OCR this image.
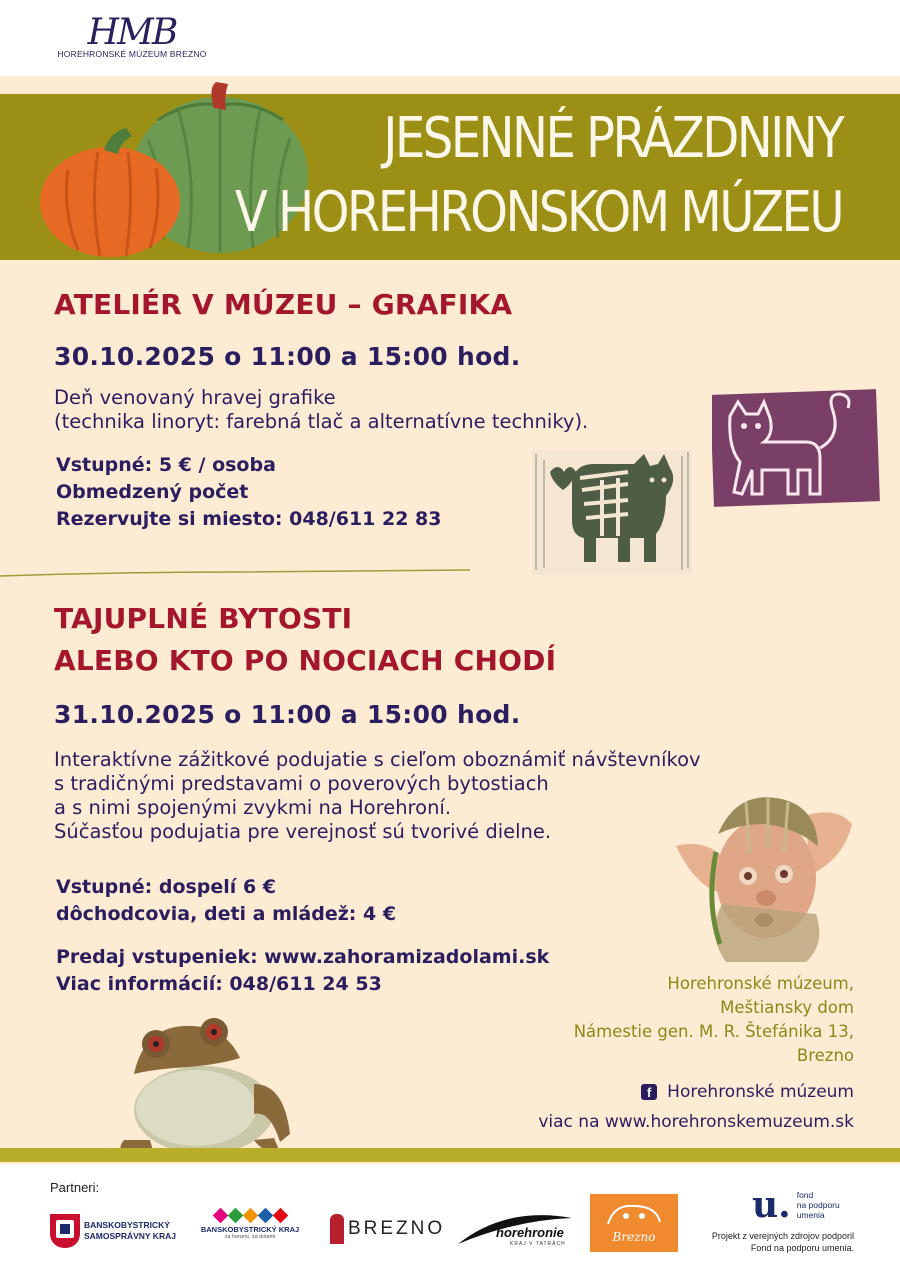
HMB
HOREHRONSKÉ MÚZEUM BREZNO
JESENNÉ PRÁZDNINY
V HOREHRONSKOM MÚZEU
ATELIÉR V MÚZEU – GRAFIKA
30.10.2025 o 11:00 a 15:00 hod.
Deň venovaný hravej grafike
(technika linoryt: farebná tlač a alternatívne techniky).
Vstupné: 5 € / osoba
Obmedzený počet
Rezervujte si miesto: 048/611 22 83
TAJUPLNÉ BYTOSTI
ALEBO KTO PO NOCIACH CHODÍ
31.10.2025 o 11:00 a 15:00 hod.
Interaktívne zážitkové podujatie s cieľom oboznámiť návštevníkov
s tradičnými predstavami o poverových bytostiach
a s nimi spojenými zvykmi na Horehroní.
Súčasťou podujatia pre verejnosť sú tvorivé dielne.
Vstupné: dospelí 6 €
dôchodcovia, deti a mládež: 4 €
Predaj vstupeniek: www.zahoramizadolami.sk
Viac informácií: 048/611 24 53	Horehronské múzeum,
Meštiansky dom
Námestie gen. M. R. Štefánika 13,
Brezno
f Horehronské múzeum
viac na www.horehronskemuzeum.sk
Partneri:
BANSKOBYSTRICKÝ
SAMOSPRÁVNY KRAJ
BANSKOBYSTRICKÝ KRAJ
za horami, za dolami	BREZNO	horehronie
KRAJ V TATRÁCH	Brezno
u. fond
na podporu
umenia
Projekt z verejných zdrojov podporil
Fond na podporu umenia.
